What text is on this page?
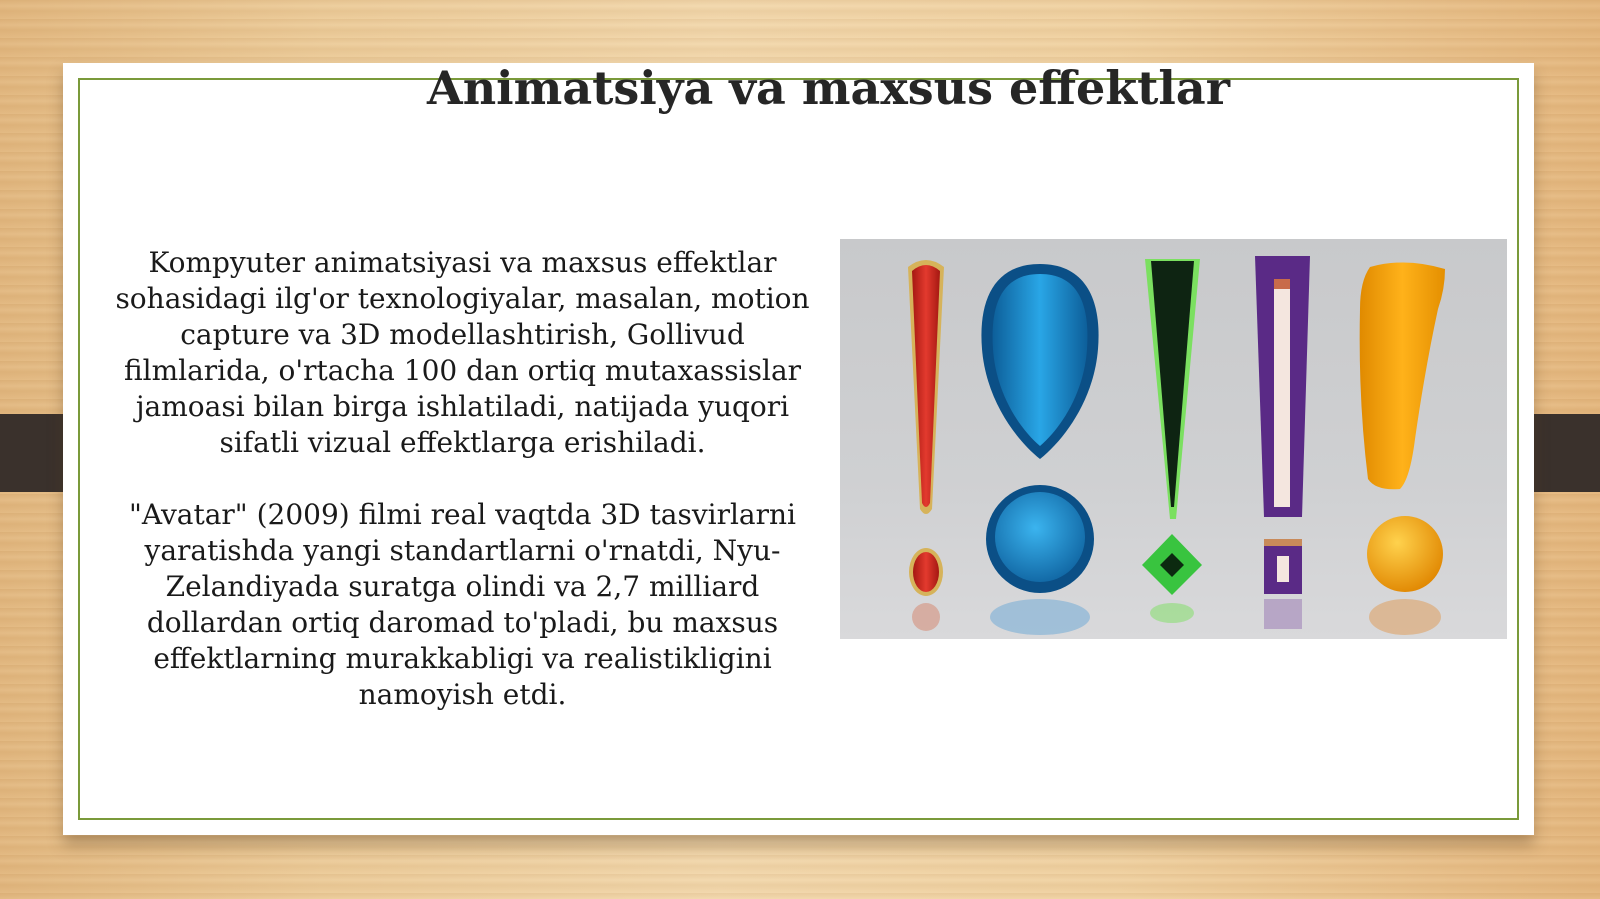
Animatsiya va maxsus effektlar

Kompyuter animatsiyasi va maxsus effektlar sohasidagi ilg'or texnologiyalar, masalan, motion capture va 3D modellashtirish, Gollivud filmlarida, o'rtacha 100 dan ortiq mutaxassislar jamoasi bilan birga ishlatiladi, natijada yuqori sifatli vizual effektlarga erishiladi.

"Avatar" (2009) filmi real vaqtda 3D tasvirlarni yaratishda yangi standartlarni o'rnatdi, Nyu-Zelandiyada suratga olindi va 2,7 milliard dollardan ortiq daromad to'pladi, bu maxsus effektlarning murakkabligi va realistikligini namoyish etdi.
